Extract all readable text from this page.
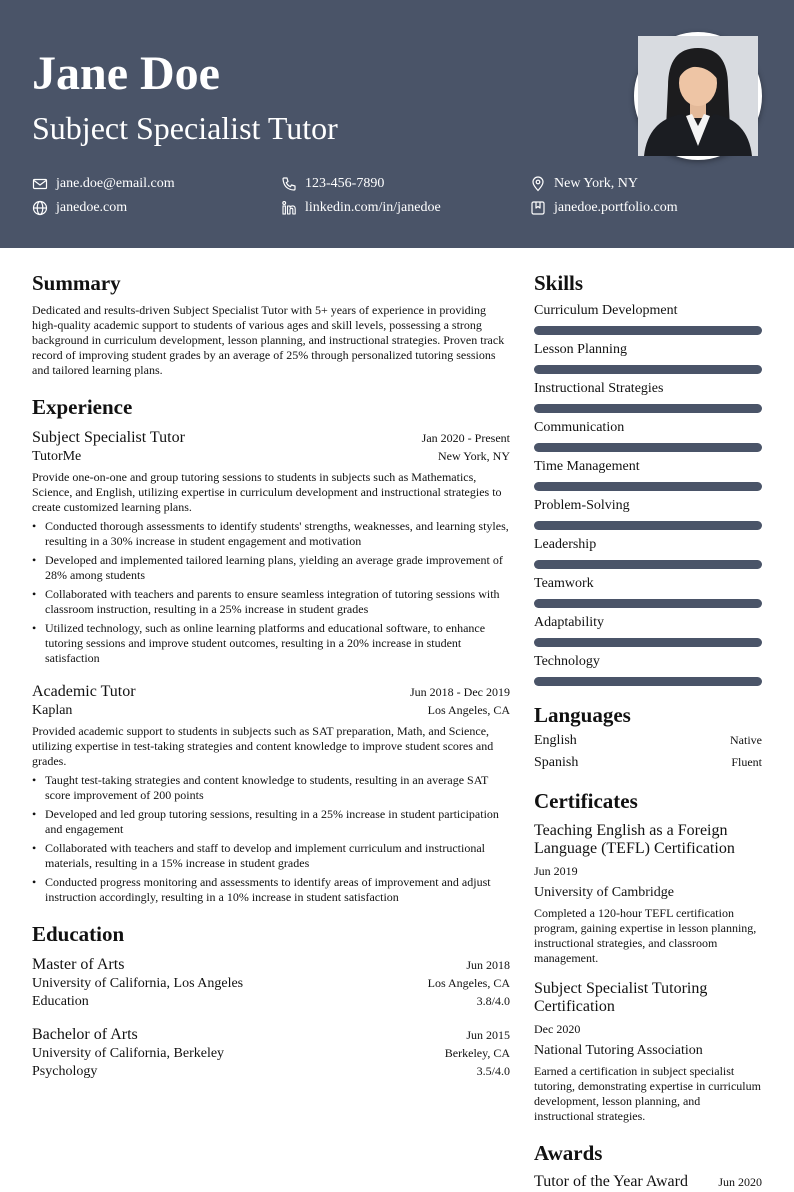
Jane Doe
Subject Specialist Tutor
jane.doe@email.com	123-456-7890	New York, NY
janedoe.com	linkedin.com/in/janedoe	janedoe.portfolio.com
Summary

Dedicated and results-driven Subject Specialist Tutor with 5+ years of experience in providing high-quality academic support to students of various ages and skill levels, possessing a strong background in curriculum development, lesson planning, and instructional strategies. Proven track record of improving student grades by an average of 25% through personalized tutoring sessions and tailored learning plans.

Experience
Subject Specialist Tutor	Jan 2020 - Present
TutorMe	New York, NY

Provide one-on-one and group tutoring sessions to students in subjects such as Mathematics, Science, and English, utilizing expertise in curriculum development and instructional strategies to create customized learning plans.

• Conducted thorough assessments to identify students' strengths, weaknesses, and learning styles, resulting in a 30% increase in student engagement and motivation
• Developed and implemented tailored learning plans, yielding an average grade improvement of 28% among students
• Collaborated with teachers and parents to ensure seamless integration of tutoring sessions with classroom instruction, resulting in a 25% increase in student grades
• Utilized technology, such as online learning platforms and educational software, to enhance tutoring sessions and improve student outcomes, resulting in a 20% increase in student satisfaction
Academic Tutor	Jun 2018 - Dec 2019
Kaplan	Los Angeles, CA

Provided academic support to students in subjects such as SAT preparation, Math, and Science, utilizing expertise in test-taking strategies and content knowledge to improve student scores and grades.

• Taught test-taking strategies and content knowledge to students, resulting in an average SAT score improvement of 200 points
• Developed and led group tutoring sessions, resulting in a 25% increase in student participation and engagement
• Collaborated with teachers and staff to develop and implement curriculum and instructional materials, resulting in a 15% increase in student grades
• Conducted progress monitoring and assessments to identify areas of improvement and adjust instruction accordingly, resulting in a 10% increase in student satisfaction
Education
Master of Arts	Jun 2018
University of California, Los Angeles	Los Angeles, CA
Education	3.8/4.0
Bachelor of Arts	Jun 2015
University of California, Berkeley	Berkeley, CA
Psychology	3.5/4.0
Skills
Curriculum Development
Lesson Planning
Instructional Strategies
Communication
Time Management
Problem-Solving
Leadership
Teamwork
Adaptability
Technology
Languages
English	Native
Spanish	Fluent
Certificates
Teaching English as a Foreign Language (TEFL) Certification
Jun 2019
University of Cambridge
Completed a 120-hour TEFL certification program, gaining expertise in lesson planning, instructional strategies, and classroom management.
Subject Specialist Tutoring Certification
Dec 2020
National Tutoring Association
Earned a certification in subject specialist tutoring, demonstrating expertise in curriculum development, lesson planning, and instructional strategies.
Awards
Tutor of the Year Award	Jun 2020
